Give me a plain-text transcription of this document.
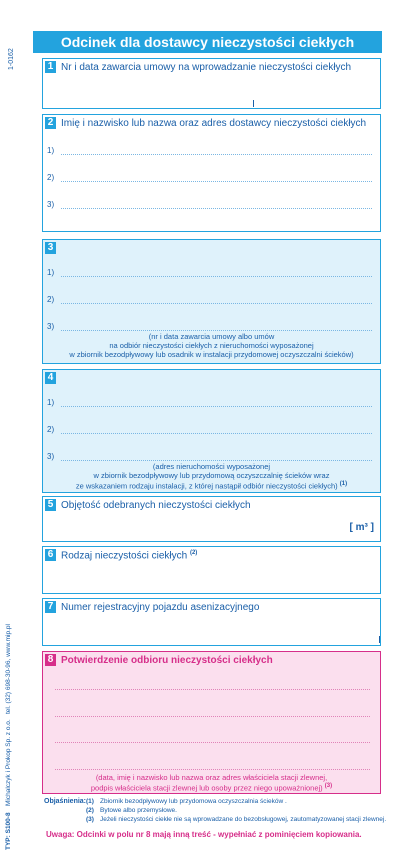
1-0162
TYP: S100-8
Michalczyk i Prokop Sp. z o.o.
tel. (32) 698-30-96, www.mip.pl
Odcinek dla dostawcy nieczystości ciekłych
1 Nr i data zawarcia umowy na wprowadzanie nieczystości ciekłych
2 Imię i nazwisko lub nazwa oraz adres dostawcy nieczystości ciekłych
1)
2)
3)
3
1)
2)
3)
(nr i data zawarcia umowy albo umów
na odbiór nieczystości ciekłych z nieruchomości wyposażonej
w zbiornik bezodpływowy lub osadnik w instalacji przydomowej oczyszczalni ścieków)
4
1)
2)
3)
(adres nieruchomości wyposażonej
w zbiornik bezodpływowy lub przydomową oczyszczalnię ścieków wraz
ze wskazaniem rodzaju instalacji, z której nastąpił odbiór nieczystości ciekłych) $^{(1)}$
5 Objętość odebranych nieczystości ciekłych
[ m³ ]
6 Rodzaj nieczystości ciekłych $^{(2)}$
7 Numer rejestracyjny pojazdu asenizacyjnego
8 Potwierdzenie odbioru nieczystości ciekłych
(data, imię i nazwisko lub nazwa oraz adres właściciela stacji zlewnej,
podpis właściciela stacji zlewnej lub osoby przez niego upoważnionej) $^{(3)}$
Objaśnienia: (1) Zbiornik bezodpływowy lub przydomowa oczyszczalnia ścieków .
(2) Bytowe albo przemysłowe.
(3) Jeżeli nieczystości ciekłe nie są wprowadzane do bezobsługowej, zautomatyzowanej stacji zlewnej.
Uwaga: Odcinki w polu nr 8 mają inną treść - wypełniać z pominięciem kopiowania.
